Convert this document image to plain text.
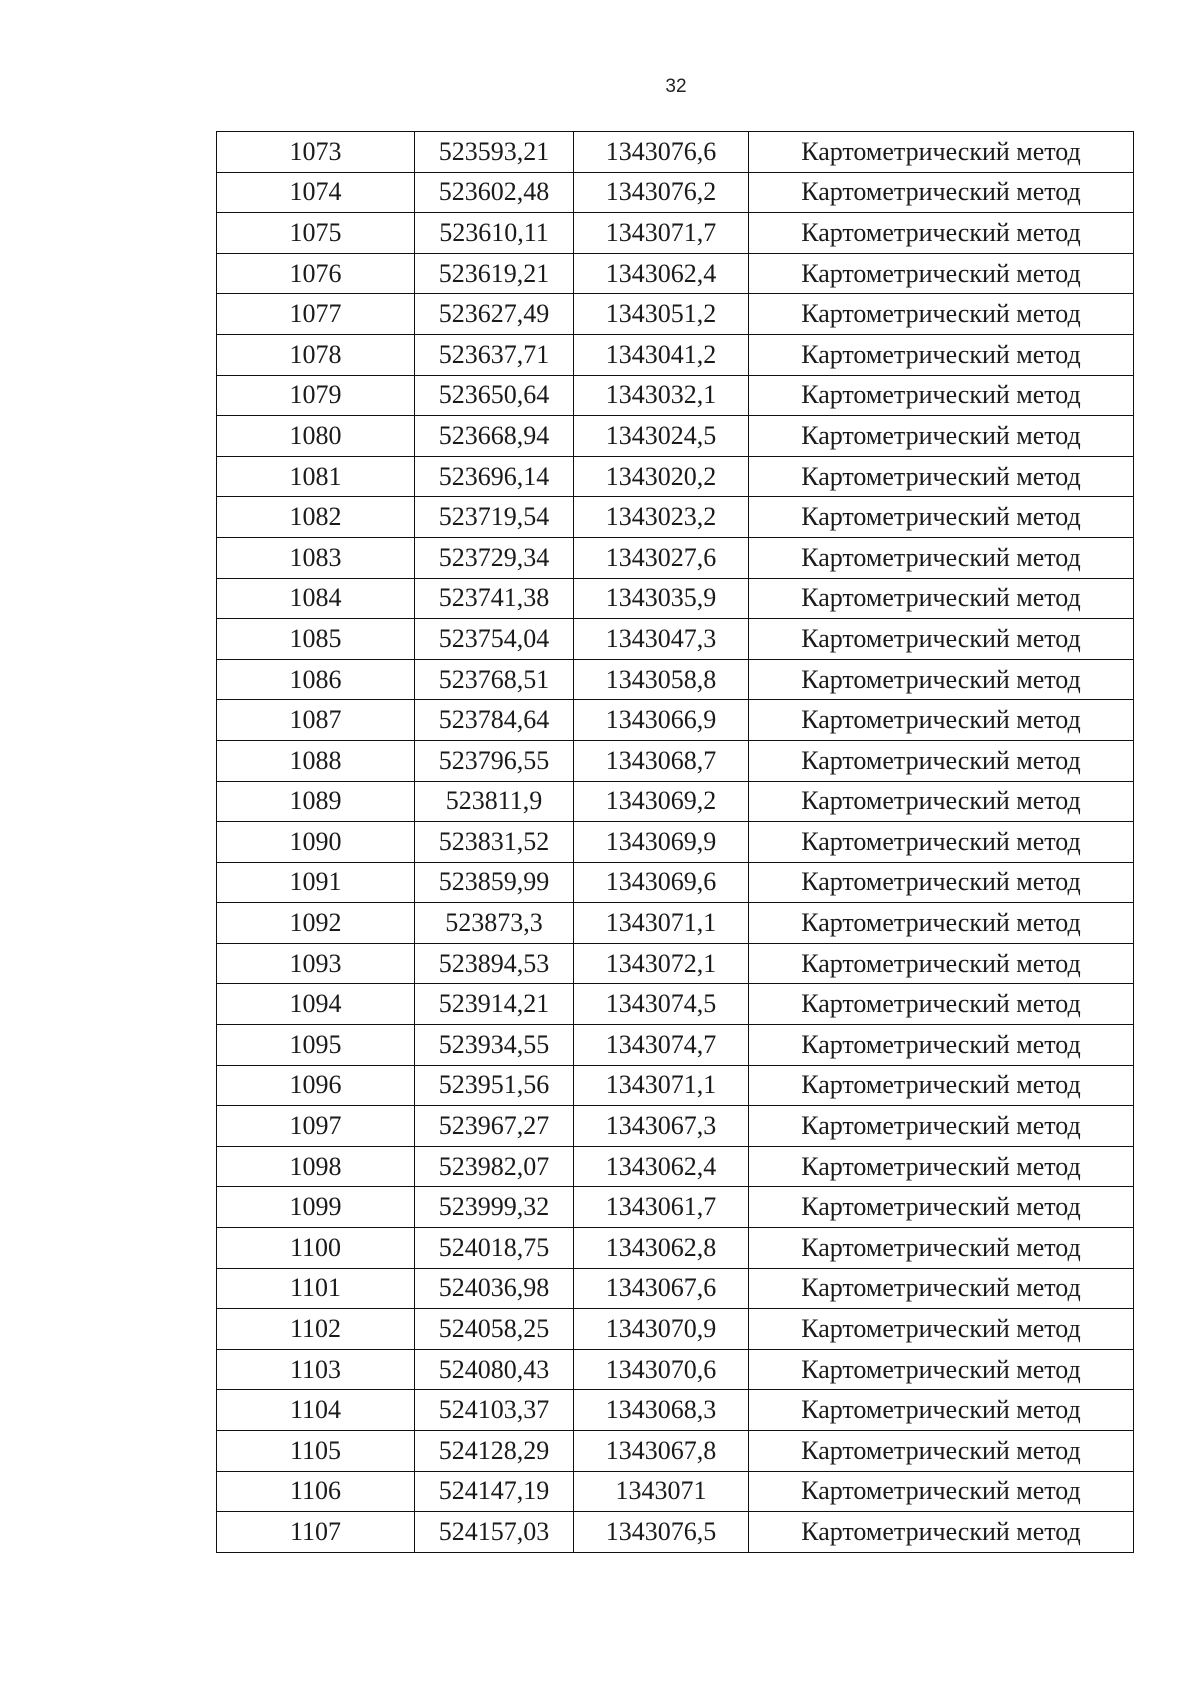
32
1073	523593,21	1343076,6	Картометрический метод
1074	523602,48	1343076,2	Картометрический метод
1075	523610,11	1343071,7	Картометрический метод
1076	523619,21	1343062,4	Картометрический метод
1077	523627,49	1343051,2	Картометрический метод
1078	523637,71	1343041,2	Картометрический метод
1079	523650,64	1343032,1	Картометрический метод
1080	523668,94	1343024,5	Картометрический метод
1081	523696,14	1343020,2	Картометрический метод
1082	523719,54	1343023,2	Картометрический метод
1083	523729,34	1343027,6	Картометрический метод
1084	523741,38	1343035,9	Картометрический метод
1085	523754,04	1343047,3	Картометрический метод
1086	523768,51	1343058,8	Картометрический метод
1087	523784,64	1343066,9	Картометрический метод
1088	523796,55	1343068,7	Картометрический метод
1089	523811,9	1343069,2	Картометрический метод
1090	523831,52	1343069,9	Картометрический метод
1091	523859,99	1343069,6	Картометрический метод
1092	523873,3	1343071,1	Картометрический метод
1093	523894,53	1343072,1	Картометрический метод
1094	523914,21	1343074,5	Картометрический метод
1095	523934,55	1343074,7	Картометрический метод
1096	523951,56	1343071,1	Картометрический метод
1097	523967,27	1343067,3	Картометрический метод
1098	523982,07	1343062,4	Картометрический метод
1099	523999,32	1343061,7	Картометрический метод
1100	524018,75	1343062,8	Картометрический метод
1101	524036,98	1343067,6	Картометрический метод
1102	524058,25	1343070,9	Картометрический метод
1103	524080,43	1343070,6	Картометрический метод
1104	524103,37	1343068,3	Картометрический метод
1105	524128,29	1343067,8	Картометрический метод
1106	524147,19	1343071	Картометрический метод
1107	524157,03	1343076,5	Картометрический метод
